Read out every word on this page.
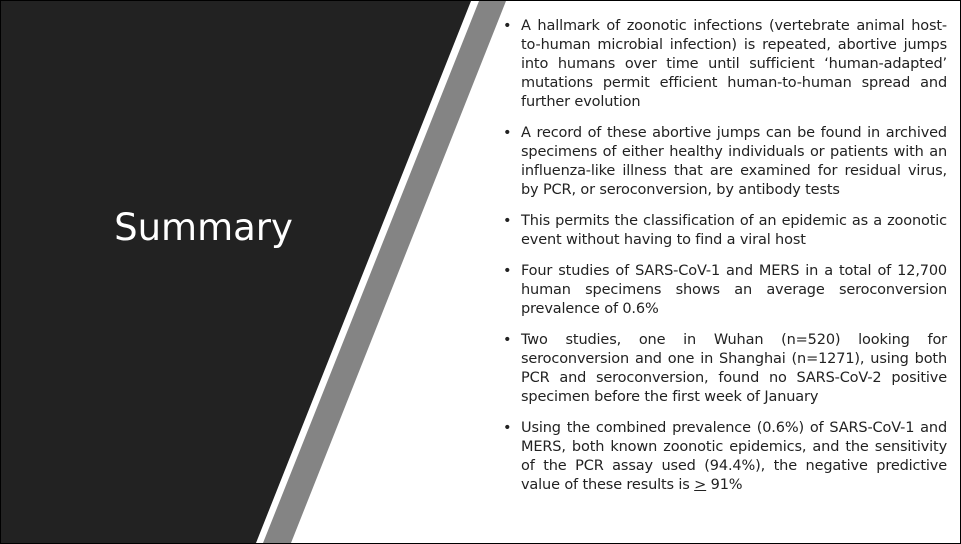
Summary
• A hallmark of zoonotic infections (vertebrate animal host-to-human microbial infection) is repeated, abortive jumps into humans over time until sufficient ‘human-adapted’ mutations permit efficient human-to-human spread and further evolution
• A record of these abortive jumps can be found in archived specimens of either healthy individuals or patients with an influenza-like illness that are examined for residual virus, by PCR, or seroconversion, by antibody tests
• This permits the classification of an epidemic as a zoonotic event without having to find a viral host
• Four studies of SARS-CoV-1 and MERS in a total of 12,700 human specimens shows an average seroconversion prevalence of 0.6%
• Two studies, one in Wuhan (n=520) looking for seroconversion and one in Shanghai (n=1271), using both PCR and seroconversion, found no SARS-CoV-2 positive specimen before the first week of January
• Using the combined prevalence (0.6%) of SARS-CoV-1 and MERS, both known zoonotic epidemics, and the sensitivity of the PCR assay used (94.4%), the negative predictive value of these results is ≥ 91%
